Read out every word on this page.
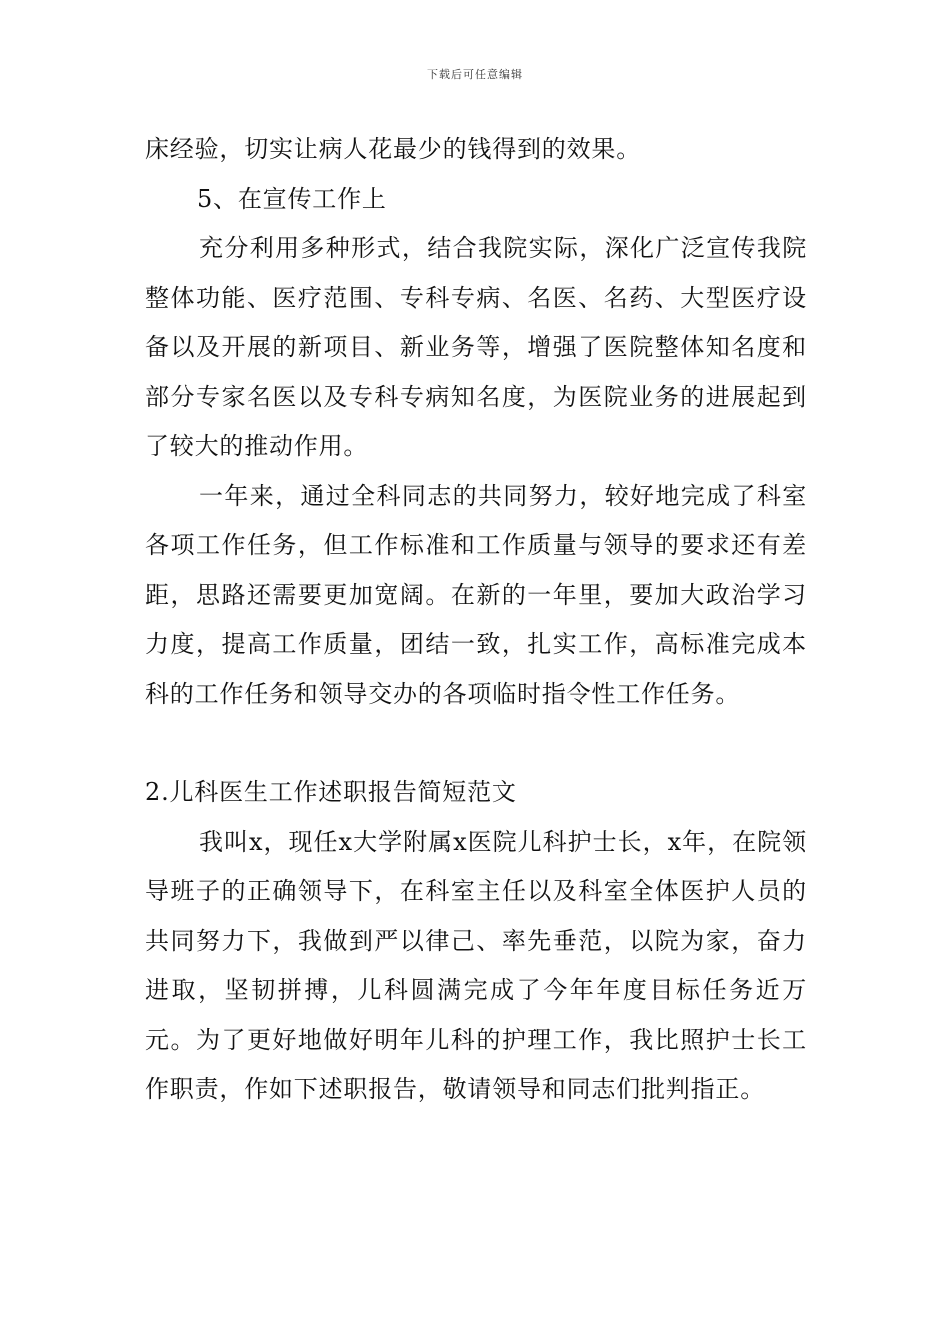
下载后可任意编辑

床经验，切实让病人花最少的钱得到的效果。

5、在宣传工作上

充分利用多种形式，结合我院实际，深化广泛宣传我院整体功能、医疗范围、专科专病、名医、名药、大型医疗设备以及开展的新项目、新业务等，增强了医院整体知名度和部分专家名医以及专科专病知名度，为医院业务的进展起到了较大的推动作用。

一年来，通过全科同志的共同努力，较好地完成了科室各项工作任务，但工作标准和工作质量与领导的要求还有差距，思路还需要更加宽阔。在新的一年里，要加大政治学习力度，提高工作质量，团结一致，扎实工作，高标准完成本科的工作任务和领导交办的各项临时指令性工作任务。

2.儿科医生工作述职报告简短范文

我叫x，现任x大学附属x医院儿科护士长，x年，在院领导班子的正确领导下，在科室主任以及科室全体医护人员的共同努力下，我做到严以律己、率先垂范，以院为家，奋力进取，坚韧拼搏，儿科圆满完成了今年年度目标任务近万元。为了更好地做好明年儿科的护理工作，我比照护士长工作职责，作如下述职报告，敬请领导和同志们批判指正。
